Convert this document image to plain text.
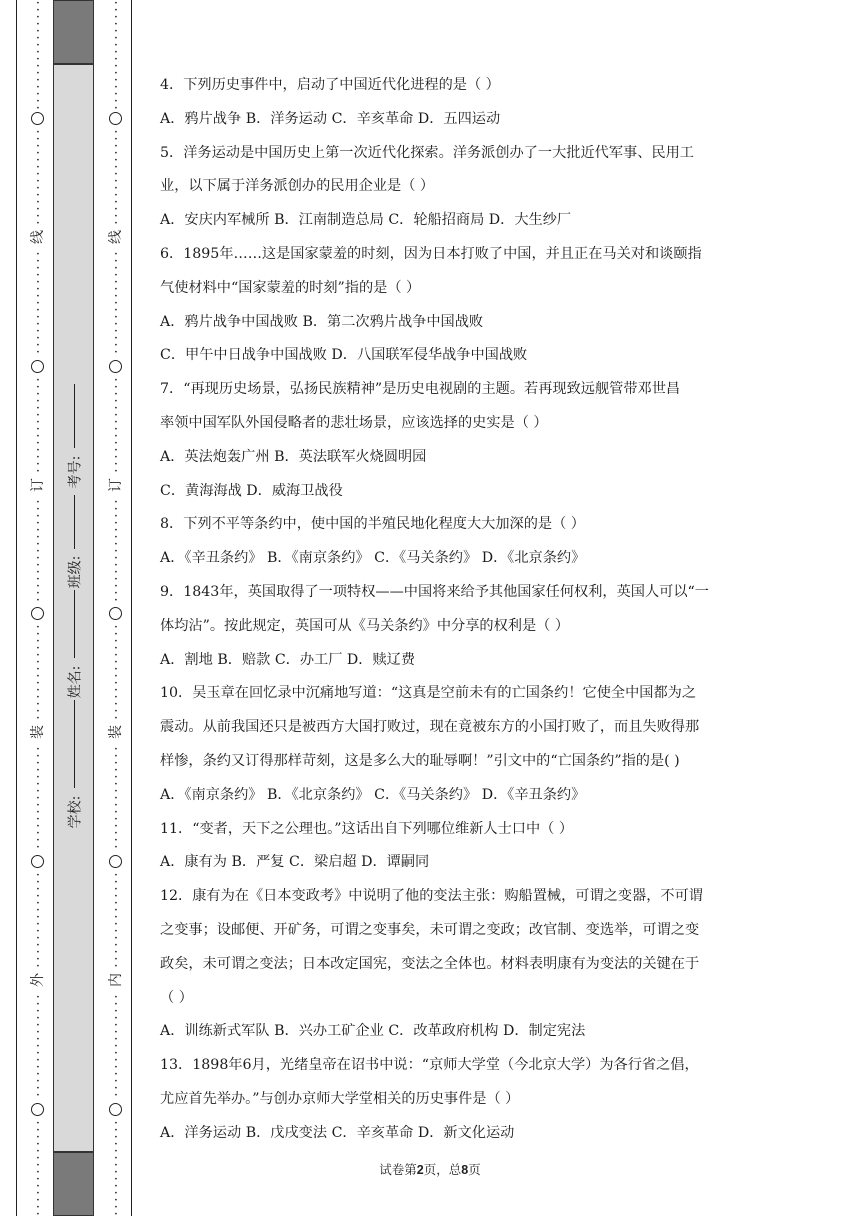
线
订
装
外
·
·
·
·
·
·
·
·
·
·
·
·
·
·
·
·

·
·
·
·
·
·
·
·
·
·
·
·
·
·

·
·
·
·
·
·
·
·
·
·
·
·
·
·
·

·
·
·
·
·
·
·
·
·
·
·
·
·
·

·
·
·
·
·
·
·
·
·
·
·
·
·
·
·

·
·
·
·
·
·
·
·
·
·
·
·
·
·

·
·
·
·
·
·
·
·
·
·
·
·
·
·
·

·
·
·
·
·
·
·
·
·
·
·
·
·
·

·
·
·
·
·
·
·
·
·
·
·
·
·
·
·

·
·
·
·
·
·
·
·
·
·
·
·
·
·

线
订
装
内
·
·
·
·
·
·
·
·
·
·
·
·
·
·
·
·

·
·
·
·
·
·
·
·
·
·
·
·
·
·

·
·
·
·
·
·
·
·
·
·
·
·
·
·
·

·
·
·
·
·
·
·
·
·
·
·
·
·
·

·
·
·
·
·
·
·
·
·
·
·
·
·
·
·

·
·
·
·
·
·
·
·
·
·
·
·
·
·

·
·
·
·
·
·
·
·
·
·
·
·
·
·
·

·
·
·
·
·
·
·
·
·
·
·
·
·
·

·
·
·
·
·
·
·
·
·
·
·
·
·
·
·

·
·
·
·
·
·
·
·
·
·
·
·
·
·

学校:
姓名:
班级:
考号:
4．下列历史事件中，启动了中国近代化进程的是（ ）
A．鸦片战争 B．洋务运动 C．辛亥革命 D．五四运动
5．洋务运动是中国历史上第一次近代化探索。洋务派创办了一大批近代军事、民用工
业，以下属于洋务派创办的民用企业是（ ）
A．安庆内军械所 B．江南制造总局 C．轮船招商局 D．大生纱厂
6．1895年……这是国家蒙羞的时刻，因为日本打败了中国，并且正在马关对和谈颐指
气使材料中“国家蒙羞的时刻”指的是（ ）
A．鸦片战争中国战败 B．第二次鸦片战争中国战败
C．甲午中日战争中国战败 D．八国联军侵华战争中国战败
7．“再现历史场景，弘扬民族精神”是历史电视剧的主题。若再现致远舰管带邓世昌
率领中国军队外国侵略者的悲壮场景，应该选择的史实是（ ）
A．英法炮轰广州 B．英法联军火烧圆明园
C．黄海海战 D．威海卫战役
8．下列不平等条约中，使中国的半殖民地化程度大大加深的是（ ）
A．《辛丑条约》 B．《南京条约》 C．《马关条约》 D．《北京条约》
9．1843年，英国取得了一项特权——中国将来给予其他国家任何权利，英国人可以“一
体均沾”。按此规定，英国可从《马关条约》中分享的权利是（ ）
A．割地 B．赔款 C．办工厂 D．赎辽费
10．吴玉章在回忆录中沉痛地写道：“这真是空前未有的亡国条约！它使全中国都为之
震动。从前我国还只是被西方大国打败过，现在竟被东方的小国打败了，而且失败得那
样惨，条约又订得那样苛刻，这是多么大的耻辱啊！”引文中的“亡国条约”指的是( )
A．《南京条约》 B．《北京条约》 C．《马关条约》 D．《辛丑条约》
11．“变者，天下之公理也。”这话出自下列哪位维新人士口中（ ）
A．康有为 B．严复 C．梁启超 D．谭嗣同
12．康有为在《日本变政考》中说明了他的变法主张：购船置械，可谓之变器，不可谓
之变事；设邮便、开矿务，可谓之变事矣，未可谓之变政；改官制、变选举，可谓之变
政矣，未可谓之变法；日本改定国宪，变法之全体也。材料表明康有为变法的关键在于
（ ）
A．训练新式军队 B．兴办工矿企业 C．改革政府机构 D．制定宪法
13．1898年6月，光绪皇帝在诏书中说：“京师大学堂（今北京大学）为各行省之倡，
尤应首先举办。”与创办京师大学堂相关的历史事件是（ ）
A．洋务运动 B．戊戌变法 C．辛亥革命 D．新文化运动
试卷第2页，总8页
